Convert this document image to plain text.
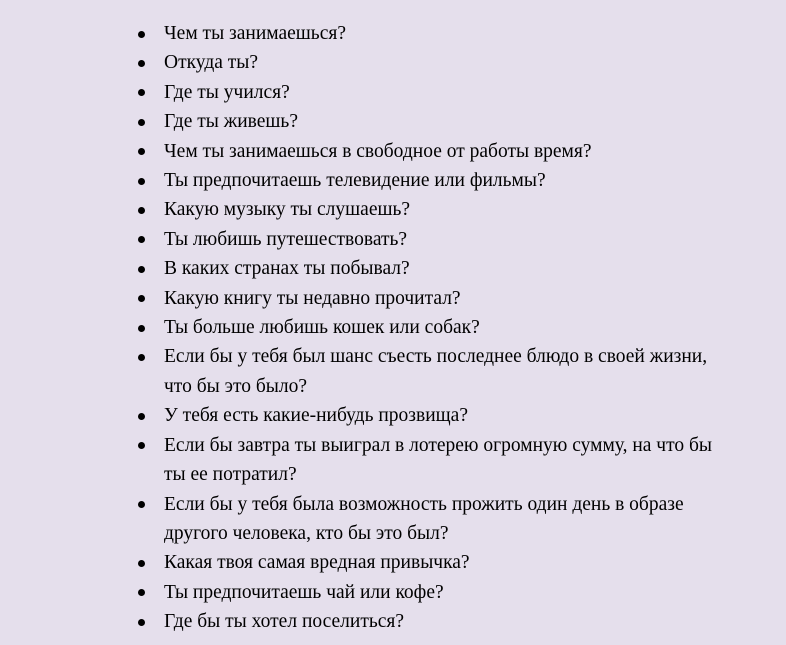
Чем ты занимаешься?
Откуда ты?
Где ты учился?
Где ты живешь?
Чем ты занимаешься в свободное от работы время?
Ты предпочитаешь телевидение или фильмы?
Какую музыку ты слушаешь?
Ты любишь путешествовать?
В каких странах ты побывал?
Какую книгу ты недавно прочитал?
Ты больше любишь кошек или собак?
Если бы у тебя был шанс съесть последнее блюдо в своей жизни, что бы это было?
У тебя есть какие-нибудь прозвища?
Если бы завтра ты выиграл в лотерею огромную сумму, на что бы ты ее потратил?
Если бы у тебя была возможность прожить один день в образе другого человека, кто бы это был?
Какая твоя самая вредная привычка?
Ты предпочитаешь чай или кофе?
Где бы ты хотел поселиться?
